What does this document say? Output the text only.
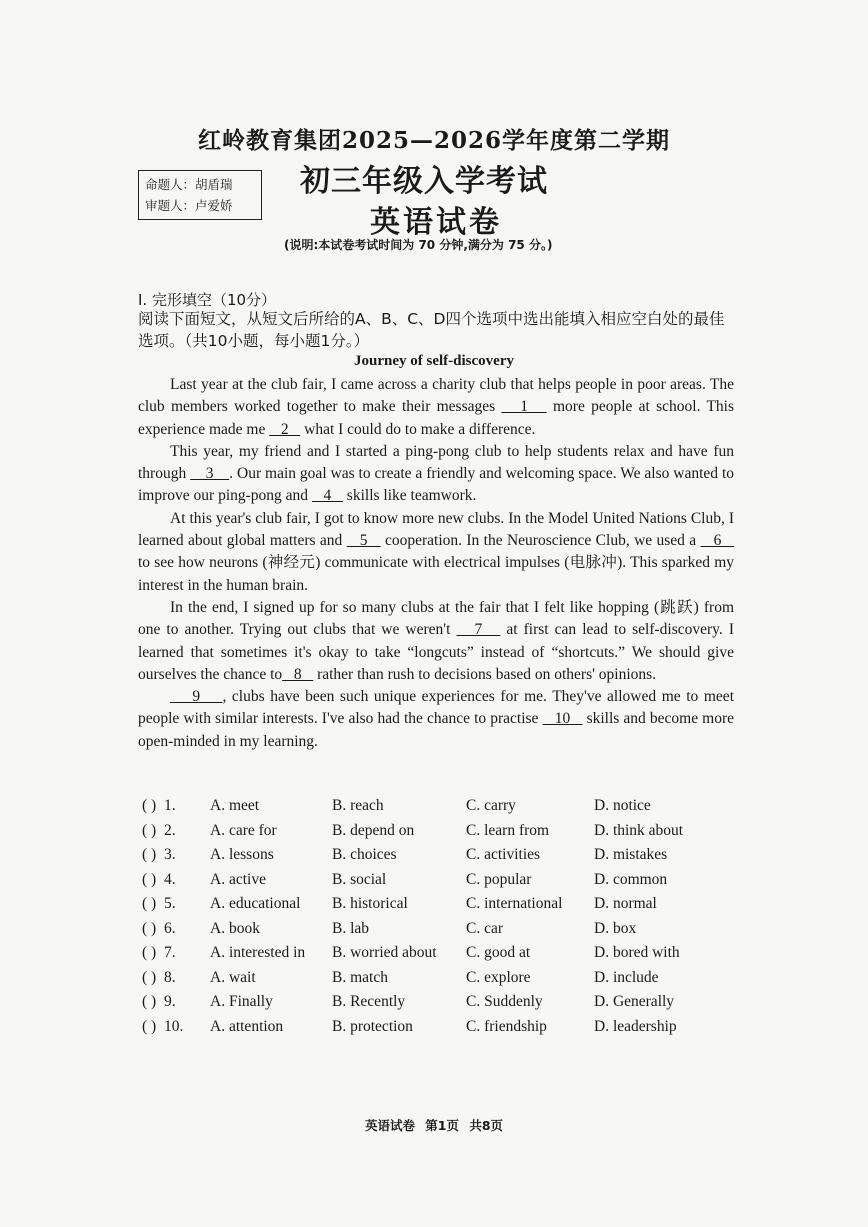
红岭教育集团2025—2026学年度第二学期
命题人：胡盾瑞
审题人：卢爱娇
初三年级入学考试
英语试卷
(说明:本试卷考试时间为 70 分钟,满分为 75 分。)
I. 完形填空（10分）
阅读下面短文，从短文后所给的A、B、C、D四个选项中选出能填入相应空白处的最佳选项。（共10小题，每小题1分。）
Journey of self-discovery

Last year at the club fair, I came across a charity club that helps people in poor areas. The club members worked together to make their messages    1    more people at school. This experience made me    2    what I could do to make a difference.

This year, my friend and I started a ping-pong club to help students relax and have fun through     3    . Our main goal was to create a friendly and welcoming space. We also wanted to improve our ping-pong and    4    skills like teamwork.

At this year's club fair, I got to know more new clubs. In the Model United Nations Club, I learned about global matters and    5    cooperation. In the Neuroscience Club, we used a    6    to see how neurons (神经元) communicate with electrical impulses (电脉冲). This sparked my interest in the human brain.

In the end, I signed up for so many clubs at the fair that I felt like hopping (跳跃) from one to another. Trying out clubs that we weren't    7    at first can lead to self-discovery. I learned that sometimes it's okay to take “longcuts” instead of “shortcuts.” We should give ourselves the chance to   8    rather than rush to decisions based on others' opinions.

9    , clubs have been such unique experiences for me. They've allowed me to meet people with similar interests. I've also had the chance to practise    10    skills and become more open-minded in my learning.

( ) 1. A. meet	B. reach	C. carry	D. notice
( ) 2. A. care for	B. depend on	C. learn from	D. think about
( ) 3. A. lessons	B. choices	C. activities	D. mistakes
( ) 4. A. active	B. social	C. popular	D. common
( ) 5. A. educational B. historical	C. international D. normal
( ) 6. A. book	B. lab	C. car	D. box
( ) 7. A. interested in B. worried about C. good at	D. bored with
( ) 8. A. wait	B. match	C. explore	D. include
( ) 9. A. Finally	B. Recently	C. Suddenly	D. Generally
( ) 10. A. attention	B. protection	C. friendship	D. leadership
英语试卷 第1页 共8页
